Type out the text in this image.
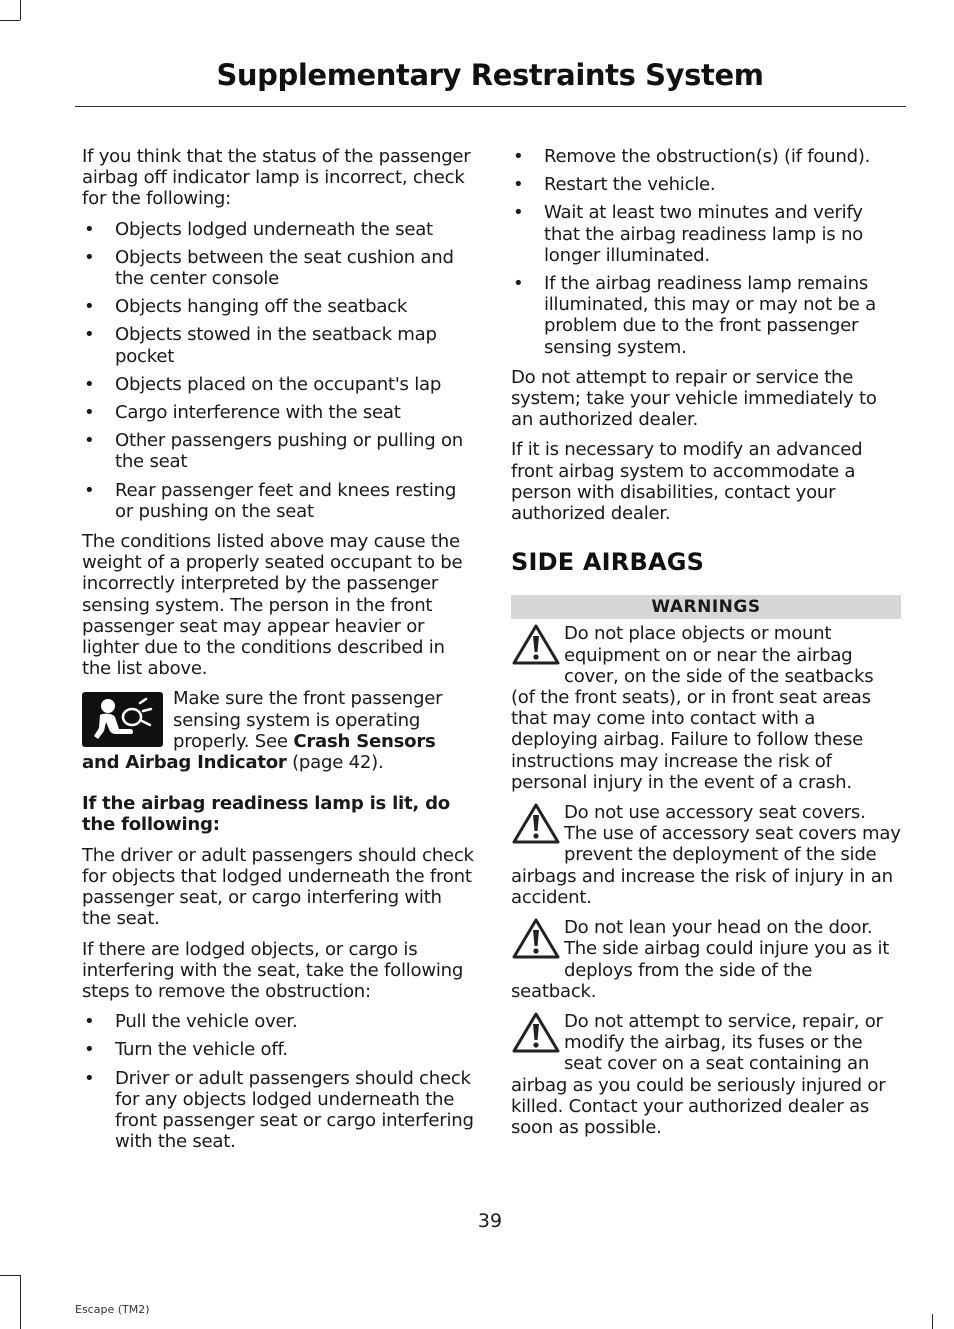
Supplementary Restraints System

If you think that the status of the passenger airbag off indicator lamp is incorrect, check for the following:

• Objects lodged underneath the seat
• Objects between the seat cushion and the center console
• Objects hanging off the seatback
• Objects stowed in the seatback map pocket
• Objects placed on the occupant's lap
• Cargo interference with the seat
• Other passengers pushing or pulling on the seat
• Rear passenger feet and knees resting or pushing on the seat

The conditions listed above may cause the weight of a properly seated occupant to be incorrectly interpreted by the passenger sensing system. The person in the front passenger seat may appear heavier or lighter due to the conditions described in the list above.

Make sure the front passenger sensing system is operating properly. See Crash Sensors and Airbag Indicator (page 42).

If the airbag readiness lamp is lit, do the following:

The driver or adult passengers should check for objects that lodged underneath the front passenger seat, or cargo interfering with the seat.

If there are lodged objects, or cargo is interfering with the seat, take the following steps to remove the obstruction:

• Pull the vehicle over.
• Turn the vehicle off.
• Driver or adult passengers should check for any objects lodged underneath the front passenger seat or cargo interfering with the seat.
• Remove the obstruction(s) (if found).
• Restart the vehicle.
• Wait at least two minutes and verify that the airbag readiness lamp is no longer illuminated.
• If the airbag readiness lamp remains illuminated, this may or may not be a problem due to the front passenger sensing system.

Do not attempt to repair or service the system; take your vehicle immediately to an authorized dealer.

If it is necessary to modify an advanced front airbag system to accommodate a person with disabilities, contact your authorized dealer.

SIDE AIRBAGS
WARNINGS
Do not place objects or mount equipment on or near the airbag cover, on the side of the seatbacks (of the front seats), or in front seat areas that may come into contact with a deploying airbag. Failure to follow these instructions may increase the risk of personal injury in the event of a crash.
Do not use accessory seat covers. The use of accessory seat covers may prevent the deployment of the side airbags and increase the risk of injury in an accident.
Do not lean your head on the door. The side airbag could injure you as it deploys from the side of the seatback.
Do not attempt to service, repair, or modify the airbag, its fuses or the seat cover on a seat containing an airbag as you could be seriously injured or killed. Contact your authorized dealer as soon as possible.
39
Escape (TM2)
